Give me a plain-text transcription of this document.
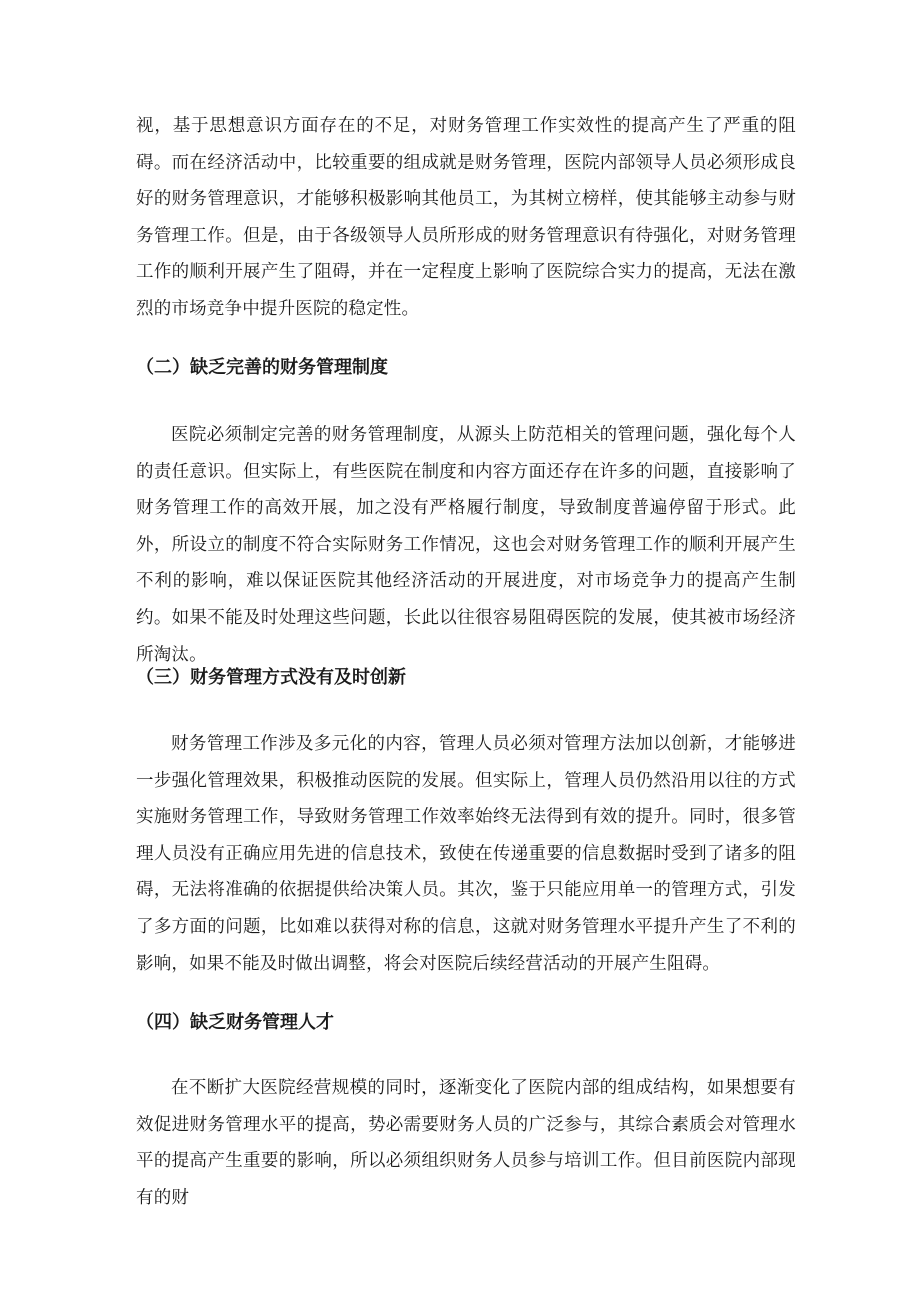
视，基于思想意识方面存在的不足，对财务管理工作实效性的提高产生了严重的阻碍。而在经济活动中，比较重要的组成就是财务管理，医院内部领导人员必须形成良好的财务管理意识，才能够积极影响其他员工，为其树立榜样，使其能够主动参与财务管理工作。但是，由于各级领导人员所形成的财务管理意识有待强化，对财务管理工作的顺利开展产生了阻碍，并在一定程度上影响了医院综合实力的提高，无法在激烈的市场竞争中提升医院的稳定性。

（二）缺乏完善的财务管理制度

医院必须制定完善的财务管理制度，从源头上防范相关的管理问题，强化每个人的责任意识。但实际上，有些医院在制度和内容方面还存在许多的问题，直接影响了财务管理工作的高效开展，加之没有严格履行制度，导致制度普遍停留于形式。此外，所设立的制度不符合实际财务工作情况，这也会对财务管理工作的顺利开展产生不利的影响，难以保证医院其他经济活动的开展进度，对市场竞争力的提高产生制约。如果不能及时处理这些问题，长此以往很容易阻碍医院的发展，使其被市场经济所淘汰。

（三）财务管理方式没有及时创新

财务管理工作涉及多元化的内容，管理人员必须对管理方法加以创新，才能够进一步强化管理效果，积极推动医院的发展。但实际上，管理人员仍然沿用以往的方式实施财务管理工作，导致财务管理工作效率始终无法得到有效的提升。同时，很多管理人员没有正确应用先进的信息技术，致使在传递重要的信息数据时受到了诸多的阻碍，无法将准确的依据提供给决策人员。其次，鉴于只能应用单一的管理方式，引发了多方面的问题，比如难以获得对称的信息，这就对财务管理水平提升产生了不利的影响，如果不能及时做出调整，将会对医院后续经营活动的开展产生阻碍。

（四）缺乏财务管理人才

在不断扩大医院经营规模的同时，逐渐变化了医院内部的组成结构，如果想要有效促进财务管理水平的提高，势必需要财务人员的广泛参与，其综合素质会对管理水平的提高产生重要的影响，所以必须组织财务人员参与培训工作。但目前医院内部现有的财
